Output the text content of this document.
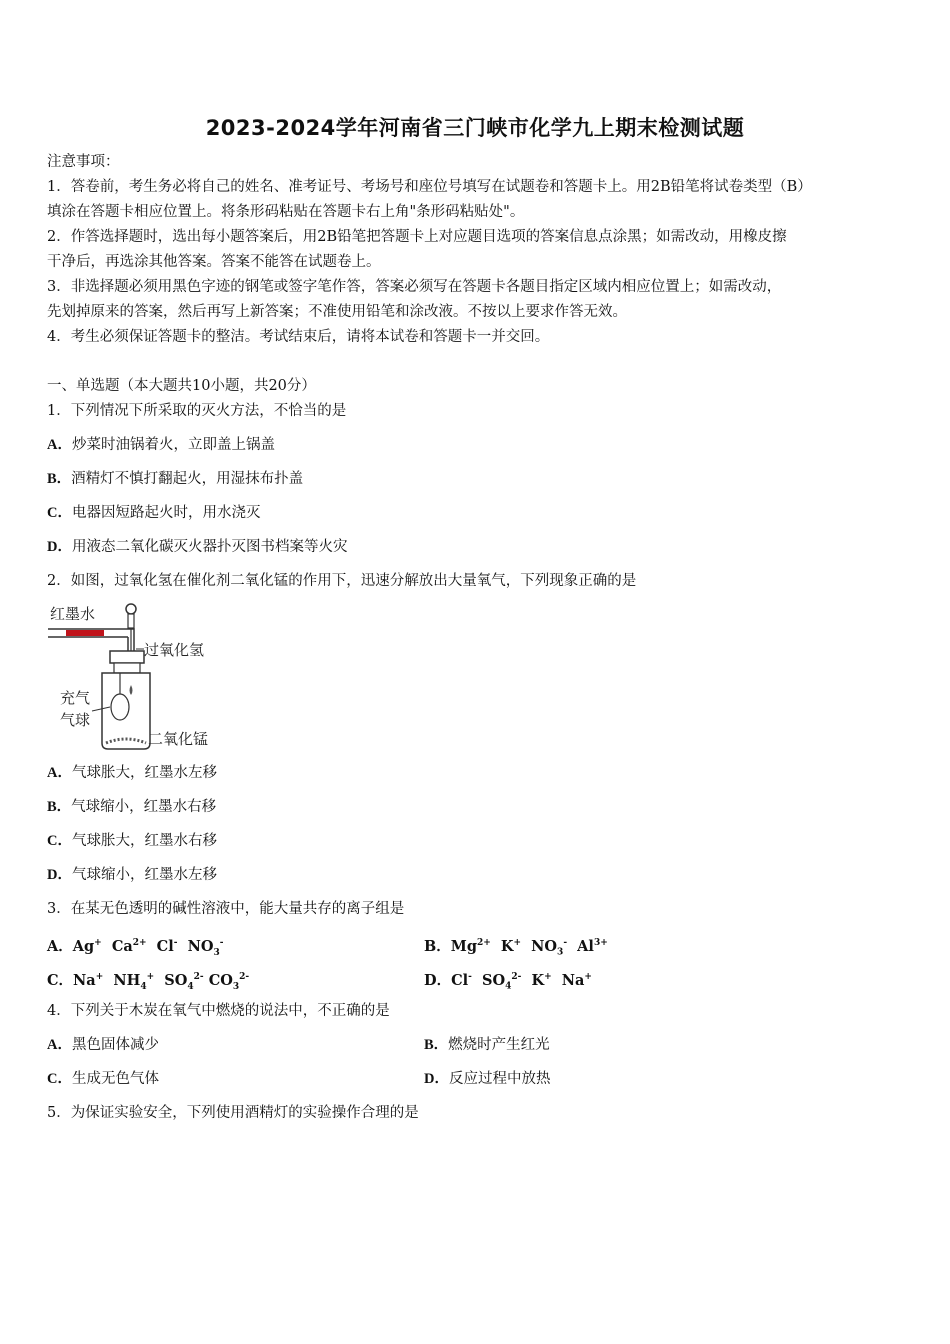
2023-2024学年河南省三门峡市化学九上期末检测试题
注意事项：
1．答卷前，考生务必将自己的姓名、准考证号、考场号和座位号填写在试题卷和答题卡上。用2B铅笔将试卷类型（B）
填涂在答题卡相应位置上。将条形码粘贴在答题卡右上角"条形码粘贴处"。
2．作答选择题时，选出每小题答案后，用2B铅笔把答题卡上对应题目选项的答案信息点涂黑；如需改动，用橡皮擦
干净后，再选涂其他答案。答案不能答在试题卷上。
3．非选择题必须用黑色字迹的钢笔或签字笔作答，答案必须写在答题卡各题目指定区域内相应位置上；如需改动，
先划掉原来的答案，然后再写上新答案；不准使用铅笔和涂改液。不按以上要求作答无效。
4．考生必须保证答题卡的整洁。考试结束后，请将本试卷和答题卡一并交回。
一、单选题（本大题共10小题，共20分）
1．下列情况下所采取的灭火方法，不恰当的是
A．炒菜时油锅着火，立即盖上锅盖
B．酒精灯不慎打翻起火，用湿抹布扑盖
C．电器因短路起火时，用水浇灭
D．用液态二氧化碳灭火器扑灭图书档案等火灾
2．如图，过氧化氢在催化剂二氧化锰的作用下，迅速分解放出大量氧气，下列现象正确的是
红墨水
过氧化氢
充气
气球
二氧化锰
A．气球胀大，红墨水左移
B．气球缩小，红墨水右移
C．气球胀大，红墨水右移
D．气球缩小，红墨水左移
3．在某无色透明的碱性溶液中，能大量共存的离子组是
A．Ag+ $Ca^{2+}$ Cl- $NO_3^-$	B．$Mg^{2+}$ K+ $NO_3^-$ $Al^{3+}$
C．Na+ $NH_4^+$ $SO_4^{2-}$ $CO_3^{2-}$	D．Cl- $SO_4^{2-}$ K+ Na+
4．下列关于木炭在氧气中燃烧的说法中，不正确的是
A．黑色固体减少	B．燃烧时产生红光
C．生成无色气体	D．反应过程中放热
5．为保证实验安全，下列使用酒精灯的实验操作合理的是
